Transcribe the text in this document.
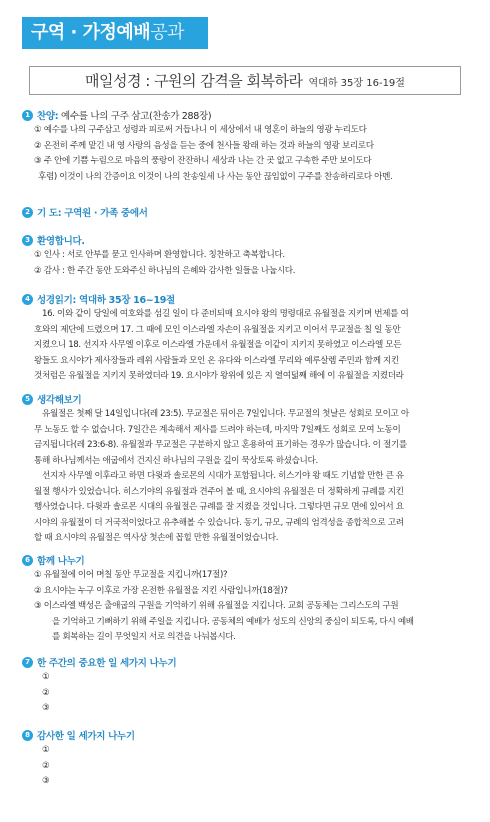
구역 · 가정예배공과
매일성경 : 구원의 감격을 회복하라 역대하 35장 16-19절
1 찬양: 예수를 나의 구주 삼고(찬송가 288장)
① 예수를 나의 구주삼고 성령과 피로써 거듭나니 이 세상에서 내 영혼이 하늘의 영광 누리도다
② 온전히 주께 맡긴 내 영 사랑의 음성을 듣는 중에 천사들 왕래 하는 것과 하늘의 영광 보리로다
③ 주 안에 기쁨 누림으로 마음의 풍랑이 잔잔하니 세상과 나는 간 곳 없고 구속한 주만 보이도다
후렴) 이것이 나의 간증이요 이것이 나의 찬송일세 나 사는 동안 끊임없이 구주를 찬송하리로다 아멘.
2 기 도: 구역원 · 가족 중에서
3 환영합니다.
① 인사 : 서로 안부를 묻고 인사하며 환영합니다. 칭찬하고 축복합니다.
② 감사 : 한 주간 동안 도와주신 하나님의 은혜와 감사한 일들을 나눕시다.
4 성경읽기: 역대하 35장 16~19절
16. 이와 같이 당일에 여호와를 섬길 일이 다 준비되매 요시야 왕의 명령대로 유월절을 지키며 번제를 여
호와의 제단에 드렸으며 17. 그 때에 모인 이스라엘 자손이 유월절을 지키고 이어서 무교절을 칠 일 동안
지켰으니 18. 선지자 사무엘 이후로 이스라엘 가운데서 유월절을 이같이 지키지 못하였고 이스라엘 모든
왕들도 요시야가 제사장들과 레위 사람들과 모인 온 유다와 이스라엘 무리와 예루살렘 주민과 함께 지킨
것처럼은 유월절을 지키지 못하였더라 19. 요시야가 왕위에 있은 지 열여덟째 해에 이 유월절을 지켰더라
5 생각해보기
유월절은 첫째 달 14일입니다(레 23:5). 무교절은 뒤이은 7일입니다. 무교절의 첫날은 성회로 모이고 아
무 노동도 할 수 없습니다. 7일간은 계속해서 제사를 드려야 하는데, 마지막 7일째도 성회로 모여 노동이
금지됩니다(레 23:6-8). 유월절과 무교절은 구분하지 않고 혼용하여 표기하는 경우가 많습니다. 이 절기를
통해 하나님께서는 애굽에서 건지신 하나님의 구원을 깊이 묵상토록 하셨습니다.
선지자 사무엘 이후라고 하면 다윗과 솔로몬의 시대가 포함됩니다. 히스기야 왕 때도 기념할 만한 큰 유
월절 행사가 있었습니다. 히스기야의 유월절과 견주어 볼 때, 요시야의 유월절은 더 정확하게 규례를 지킨
행사였습니다. 다윗과 솔로몬 시대의 유월절은 규례를 잘 지켰을 것입니다. 그렇다면 규모 면에 있어서 요
시야의 유월절이 더 거국적이었다고 유추해볼 수 있습니다. 동기, 규모, 규례의 엄격성을 종합적으로 고려
할 때 요시야의 유월절은 역사상 첫손에 꼽힐 만한 유월절이었습니다.
6 함께 나누기
① 유월절에 이어 며칠 동안 무교절을 지킵니까(17절)?
② 요시야는 누구 이후로 가장 온전한 유월절을 지킨 사람입니까(18절)?
③ 이스라엘 백성은 출애굽의 구원을 기억하기 위해 유월절을 지킵니다. 교회 공동체는 그리스도의 구원
을 기억하고 기뻐하기 위해 주일을 지킵니다. 공동체의 예배가 성도의 신앙의 중심이 되도록, 다시 예배
를 회복하는 길이 무엇일지 서로 의견을 나눠봅시다.
7 한 주간의 중요한 일 세가지 나누기
①
②
③
8 감사한 일 세가지 나누기
①
②
③
